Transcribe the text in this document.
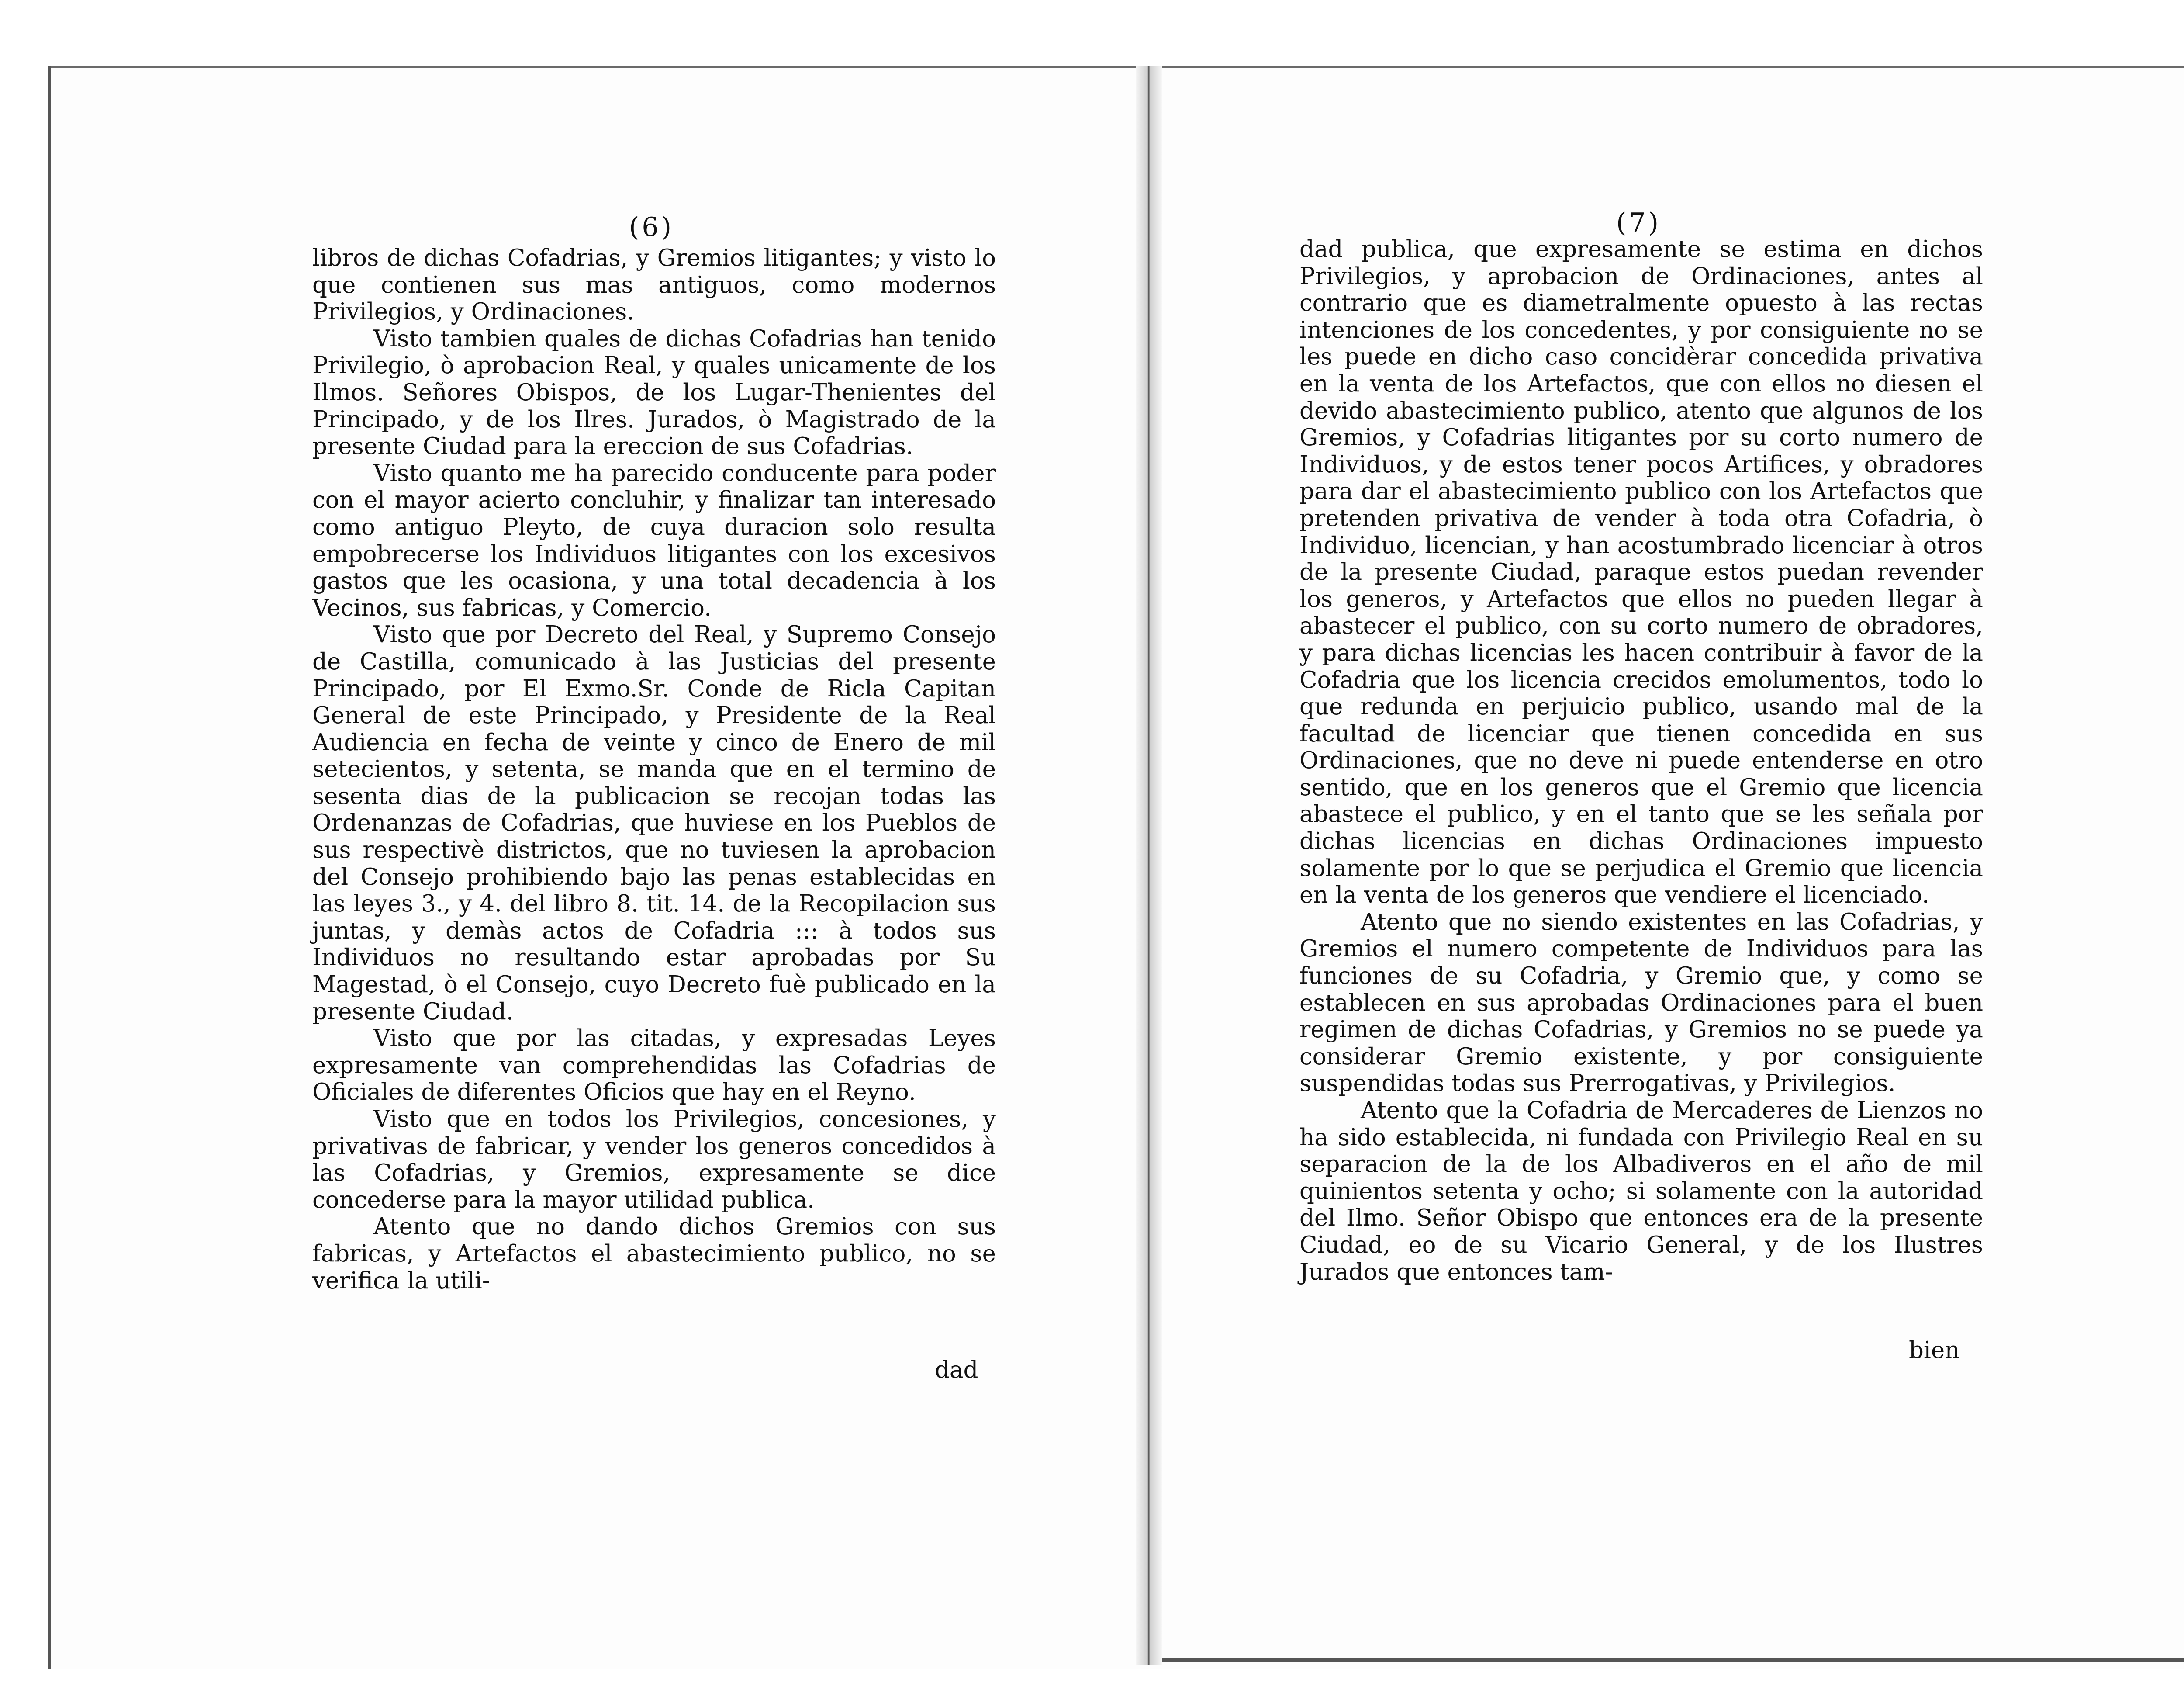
(6)

libros de dichas Cofadrias, y Gremios litigantes; y visto lo que contienen sus mas antiguos, como modernos Privilegios, y Ordinaciones.

Visto tambien quales de dichas Cofadrias han tenido Privilegio, ò aprobacion Real, y quales unicamente de los Ilmos. Señores Obispos, de los Lugar-Thenientes del Principado, y de los Ilres. Jurados, ò Magistrado de la presente Ciudad para la ereccion de sus Cofadrias.

Visto quanto me ha parecido conducente para poder con el mayor acierto concluhir, y finalizar tan interesado como antiguo Pleyto, de cuya duracion solo resulta empobrecerse los Individuos litigantes con los excesivos gastos que les ocasiona, y una total decadencia à los Vecinos, sus fabricas, y Comercio.

Visto que por Decreto del Real, y Supremo Consejo de Castilla, comunicado à las Justicias del presente Principado, por El Exmo.Sr. Conde de Ricla Capitan General de este Principado, y Presidente de la Real Audiencia en fecha de veinte y cinco de Enero de mil setecientos, y setenta, se manda que en el termino de sesenta dias de la publicacion se recojan todas las Ordenanzas de Cofadrias, que huviese en los Pueblos de sus respectivè districtos, que no tuviesen la aprobacion del Consejo prohibiendo bajo las penas establecidas en las leyes 3., y 4. del libro 8. tit. 14. de la Recopilacion sus juntas, y demàs actos de Cofadria ::: à todos sus Individuos no resultando estar aprobadas por Su Magestad, ò el Consejo, cuyo Decreto fuè publicado en la presente Ciudad.

Visto que por las citadas, y expresadas Leyes expresamente van comprehendidas las Cofadrias de Oficiales de diferentes Oficios que hay en el Reyno.

Visto que en todos los Privilegios, concesiones, y privativas de fabricar, y vender los generos concedidos à las Cofadrias, y Gremios, expresamente se dice concederse para la mayor utilidad publica.

Atento que no dando dichos Gremios con sus fabricas, y Artefactos el abastecimiento publico, no se verifica la utili-

dad
(7)

dad publica, que expresamente se estima en dichos Privilegios, y aprobacion de Ordinaciones, antes al contrario que es diametralmente opuesto à las rectas intenciones de los concedentes, y por consiguiente no se les puede en dicho caso concidèrar concedida privativa en la venta de los Artefactos, que con ellos no diesen el devido abastecimiento publico, atento que algunos de los Gremios, y Cofadrias litigantes por su corto numero de Individuos, y de estos tener pocos Artifices, y obradores para dar el abastecimiento publico con los Artefactos que pretenden privativa de vender à toda otra Cofadria, ò Individuo, licencian, y han acostumbrado licenciar à otros de la presente Ciudad, paraque estos puedan revender los generos, y Artefactos que ellos no pueden llegar à abastecer el publico, con su corto numero de obradores, y para dichas licencias les hacen contribuir à favor de la Cofadria que los licencia crecidos emolumentos, todo lo que redunda en perjuicio publico, usando mal de la facultad de licenciar que tienen concedida en sus Ordinaciones, que no deve ni puede entenderse en otro sentido, que en los generos que el Gremio que licencia abastece el publico, y en el tanto que se les señala por dichas licencias en dichas Ordinaciones impuesto solamente por lo que se perjudica el Gremio que licencia en la venta de los generos que vendiere el licenciado.

Atento que no siendo existentes en las Cofadrias, y Gremios el numero competente de Individuos para las funciones de su Cofadria, y Gremio que, y como se establecen en sus aprobadas Ordinaciones para el buen regimen de dichas Cofadrias, y Gremios no se puede ya considerar Gremio existente, y por consiguiente suspendidas todas sus Prerrogativas, y Privilegios.

Atento que la Cofadria de Mercaderes de Lienzos no ha sido establecida, ni fundada con Privilegio Real en su separacion de la de los Albadiveros en el año de mil quinientos setenta y ocho; si solamente con la autoridad del Ilmo. Señor Obispo que entonces era de la presente Ciudad, eo de su Vicario General, y de los Ilustres Jurados que entonces tam-

bien
